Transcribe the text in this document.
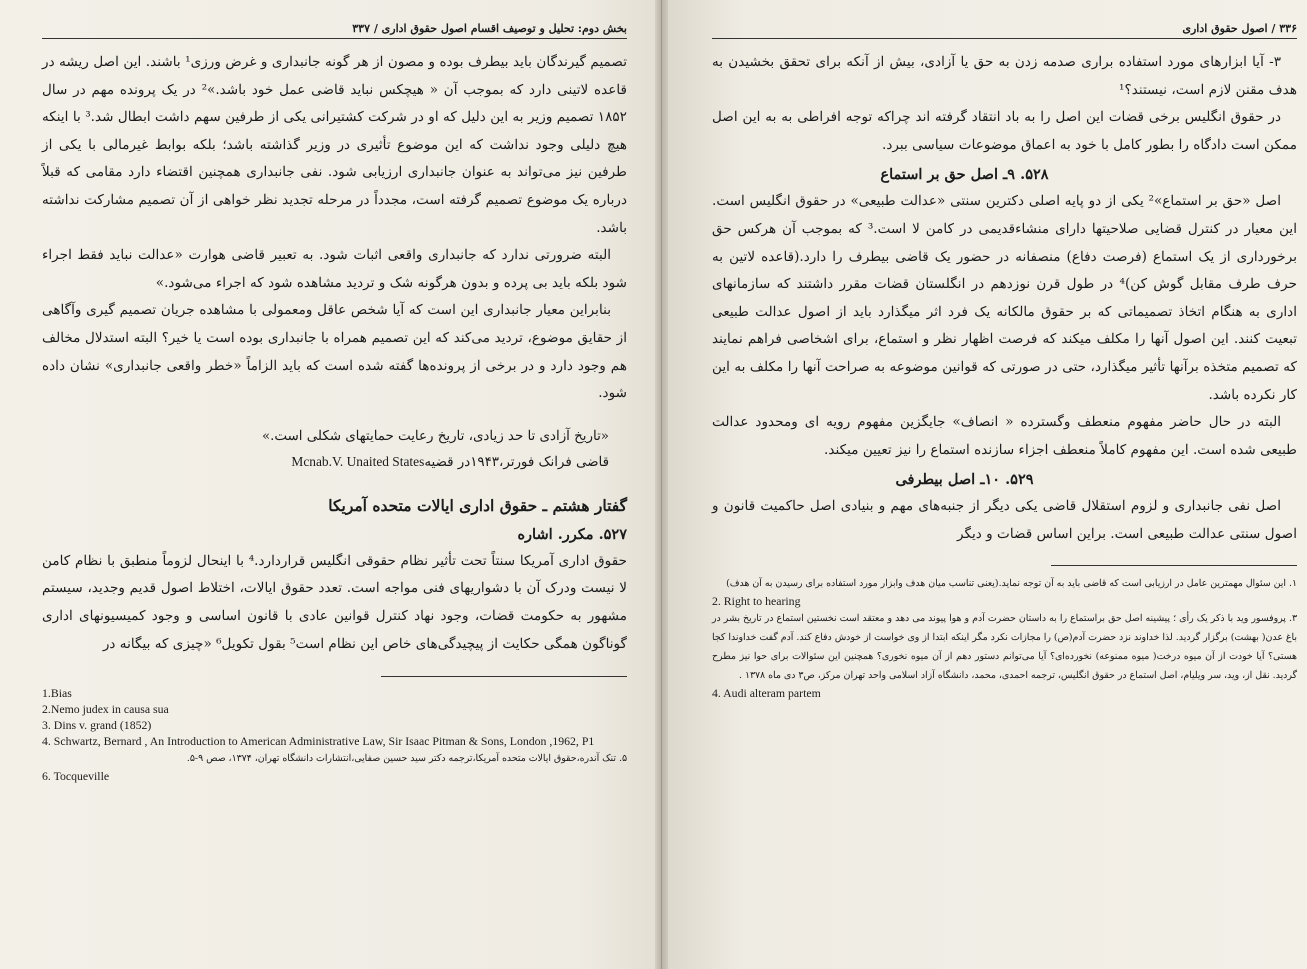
بخش دوم: تحلیل و توصیف اقسام اصول حقوق اداری / ۳۳۷

تصمیم گیرندگان باید بیطرف بوده و مصون از هر گونه جانبداری و غرض ورزی¹ باشند. این اصل ریشه در قاعده لاتینی دارد که بموجب آن « هیچکس نباید قاضی عمل خود باشد.»² در یک پرونده مهم در سال ۱۸۵۲ تصمیم وزیر به این دلیل که او در شرکت کشتیرانی یکی از طرفین سهم داشت ابطال شد.³ با اینکه هیچ دلیلی وجود نداشت که این موضوع تأثیری در وزیر گذاشته باشد؛ بلکه بوابط غیرمالی با یکی از طرفین نیز می‌تواند به عنوان جانبداری ارزیابی شود. نفی جانبداری همچنین اقتضاء دارد مقامی که قبلاً درباره یک موضوع تصمیم گرفته است، مجدداً در مرحله تجدید نظر خواهی از آن تصمیم مشارکت نداشته باشد.

البته ضرورتی ندارد که جانبداری واقعی اثبات شود. به تعبیر قاضی هوارت «عدالت نباید فقط اجراء شود بلکه باید بی پرده و بدون هرگونه شک و تردید مشاهده شود که اجراء می‌شود.»

بنابراین معیار جانبداری این است که آیا شخص عاقل ومعمولی با مشاهده جریان تصمیم گیری وآگاهی از حقایق موضوع، تردید می‌کند که این تصمیم همراه با جانبداری بوده است یا خیر؟ البته استدلال مخالف هم وجود دارد و در برخی از پرونده‌ها گفته شده است که باید الزاماً «خطر واقعی جانبداری» نشان داده شود.

«تاریخ آزادی تا حد زیادی، تاریخ رعایت حمایتهای شکلی است.»
قاضی فرانک فورتر،۱۹۴۳در قضیهMcnab.V. Unaited States
گفتار هشتم ـ حقوق اداری ایالات متحده آمریکا
۵۲۷. مکرر. اشاره

حقوق اداری آمریکا سنتاً تحت تأثیر نظام حقوقی انگلیس قراردارد.⁴ با اینحال لزوماً منطبق با نظام کامن لا نیست ودرک آن با دشواریهای فنی مواجه است. تعدد حقوق ایالات، اختلاط اصول قدیم وجدید، سیستم مشهور به حکومت قضات، وجود نهاد کنترل قوانین عادی با قانون اساسی و وجود کمیسیونهای اداری گوناگون همگی حکایت از پیچیدگی‌های خاص این نظام است⁵ بقول تکویل⁶ «چیزی که بیگانه در

1.Bias
2.Nemo judex in causa sua
3. Dins v. grand (1852)
4. Schwartz, Bernard , An Introduction to American Administrative Law, Sir Isaac Pitman & Sons, London ,1962, P1
۵. تنک آندره،حقوق ایالات متحده آمریکا،ترجمه دکتر سید حسین صفایی،انتشارات دانشگاه تهران، ۱۳۷۴، صص ۹-۵.
6. Tocqueville
۳۳۶ / اصول حقوق اداری

۳- آیا ابزارهای مورد استفاده براری صدمه زدن به حق یا آزادی، بیش از آنکه برای تحقق بخشیدن به هدف مقنن لازم است، نیستند؟¹

در حقوق انگلیس برخی قضات این اصل را به باد انتقاد گرفته اند چراکه توجه افراطی به به این اصل ممکن است دادگاه را بطور کامل با خود به اعماق موضوعات سیاسی ببرد.

۵۲۸. ۹ـ اصل حق بر استماع

اصل «حق بر استماع»² یکی از دو پایه اصلی دکترین سنتی «عدالت طبیعی» در حقوق انگلیس است. این معیار در کنترل قضایی صلاحیتها دارای منشاءقدیمی در کامن لا است.³ که بموجب آن هرکس حق برخورداری از یک استماع (فرصت دفاع) منصفانه در حضور یک قاضی بیطرف را دارد.(قاعده لاتین به حرف طرف مقابل گوش کن)⁴ در طول قرن نوزدهم در انگلستان قضات مقرر داشتند که سازمانهای اداری به هنگام اتخاذ تصمیماتی که بر حقوق مالکانه یک فرد اثر میگذارد باید از اصول عدالت طبیعی تبعیت کنند. این اصول آنها را مکلف میکند که فرصت اظهار نظر و استماع، برای اشخاصی فراهم نمایند که تصمیم متخذه برآنها تأثیر میگذارد، حتی در صورتی که قوانین موضوعه به صراحت آنها را مکلف به این کار نکرده باشد.

البته در حال حاضر مفهوم منعطف وگسترده « انصاف» جایگزین مفهوم رویه ای ومحدود عدالت طبیعی شده است. این مفهوم کاملاً منعطف اجزاء سازنده استماع را نیز تعیین میکند.

۵۲۹. ۱۰ـ اصل بیطرفی

اصل نفی جانبداری و لزوم استقلال قاضی یکی دیگر از جنبه‌های مهم و بنیادی اصل حاکمیت قانون و اصول سنتی عدالت طبیعی است. براین اساس قضات و دیگر

۱. این سئوال مهمترین عامل در ارزیابی است که قاضی باید به آن توجه نماید.(یعنی تناسب میان هدف وابزار مورد استفاده برای رسیدن به آن هدف)
2. Right to hearing
۳. پروفسور وید با ذکر یک رأی ؛ پیشینه اصل حق براستماع را به داستان حضرت آدم و هوا پیوند می دهد و معتقد است نخستین استماع در تاریخ بشر در باغ عدن( بهشت) برگزار گردید. لذا خداوند نزد حضرت آدم(ص) را مجازات نکرد مگر اینکه ابتدا از وی خواست از خودش دفاع کند. آدم گفت خداوندا کجا هستی؟ آیا خودت از آن میوه درخت( میوه ممنوعه) نخورده‌ای؟ آیا می‌توانم دستور دهم از آن میوه نخوری؟ همچنین این سئوالات برای حوا نیز مطرح گردید. نقل از، وید، سر ویلیام، اصل استماع در حقوق انگلیس، ترجمه احمدی، محمد، دانشگاه آزاد اسلامی واحد تهران مرکز، ص۳ دی ماه ۱۳۷۸ .
4. Audi alteram partem
